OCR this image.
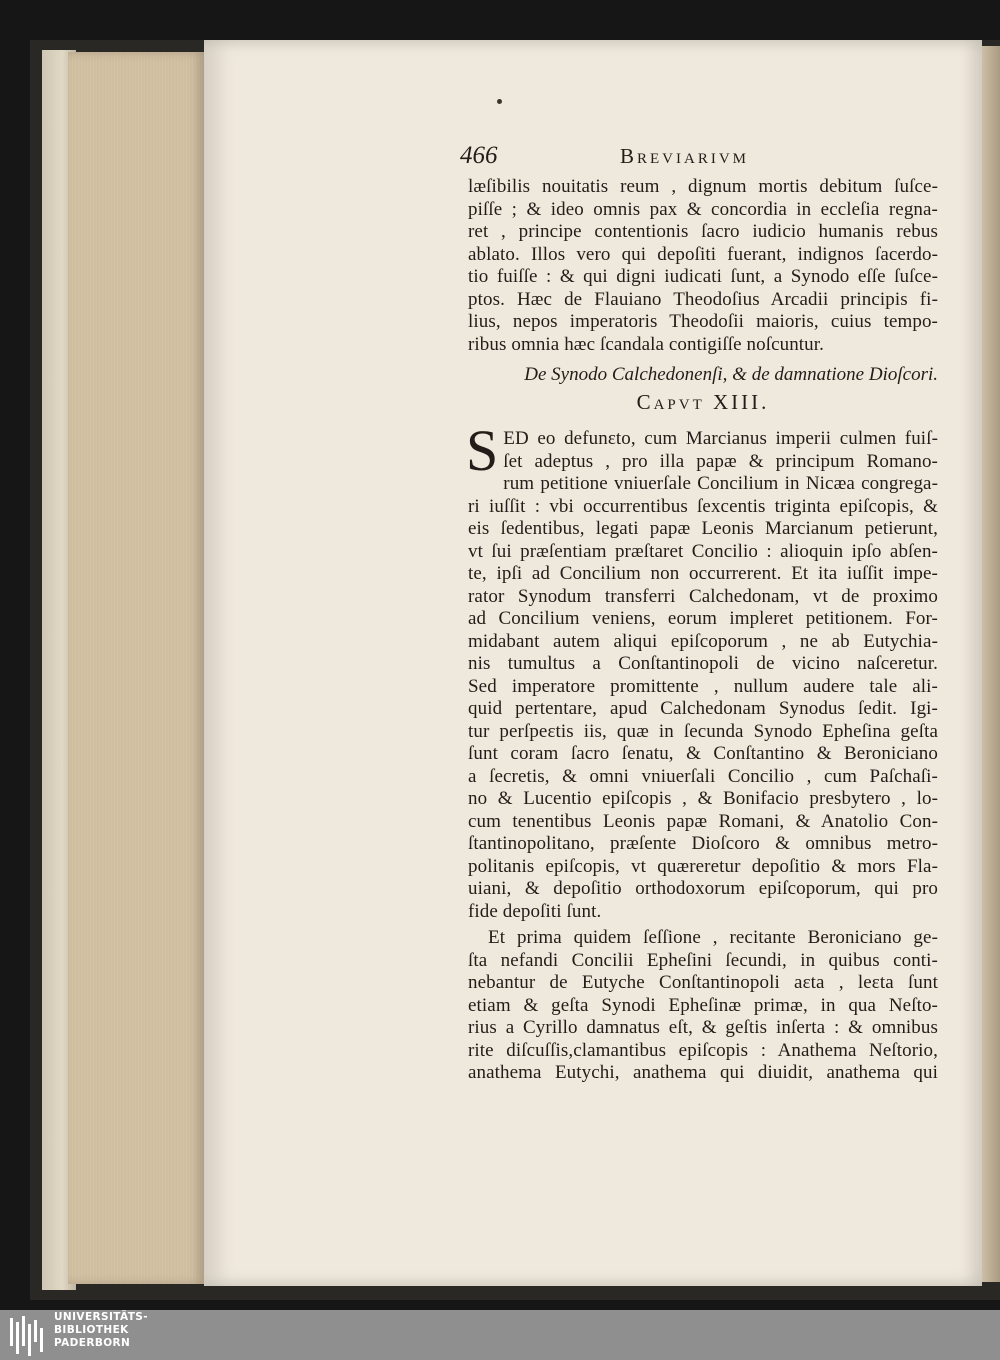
466	Breviarivm
læſibilis nouitatis reum , dignum mortis debitum ſuſce-
piſſe ; & ideo omnis pax & concordia in eccleſia regna-
ret , principe contentionis ſacro iudicio humanis rebus
ablato. Illos vero qui depoſiti fuerant, indignos ſacerdo-
tio fuiſſe : & qui digni iudicati ſunt, a Synodo eſſe ſuſce-
ptos. Hæc de Flauiano Theodoſius Arcadii principis fi-
lius, nepos imperatoris Theodoſii maioris, cuius tempo-
ribus omnia hæc ſcandala contigiſſe noſcuntur.
De Synodo Calchedonenſi, & de damnatione Dioſcori.
Capvt XIII.
S ED eo defunɛto, cum Marcianus imperii culmen fuiſ-
ſet adeptus , pro illa papæ & principum Romano-
rum petitione vniuerſale Concilium in Nicæa congrega-
ri iuſſit : vbi occurrentibus ſexcentis triginta epiſcopis, &
eis ſedentibus, legati papæ Leonis Marcianum petierunt,
vt ſui præſentiam præſtaret Concilio : alioquin ipſo abſen-
te, ipſi ad Concilium non occurrerent. Et ita iuſſit impe-
rator Synodum transferri Calchedonam, vt de proximo
ad Concilium veniens, eorum impleret petitionem. For-
midabant autem aliqui epiſcoporum , ne ab Eutychia-
nis tumultus a Conſtantinopoli de vicino naſceretur.
Sed imperatore promittente , nullum audere tale ali-
quid pertentare, apud Calchedonam Synodus ſedit. Igi-
tur perſpeɛtis iis, quæ in ſecunda Synodo Epheſina geſta
ſunt coram ſacro ſenatu, & Conſtantino & Beroniciano
a ſecretis, & omni vniuerſali Concilio , cum Paſchaſi-
no & Lucentio epiſcopis , & Bonifacio presbytero , lo-
cum tenentibus Leonis papæ Romani, & Anatolio Con-
ſtantinopolitano, præſente Dioſcoro & omnibus metro-
politanis epiſcopis, vt quæreretur depoſitio & mors Fla-
uiani, & depoſitio orthodoxorum epiſcoporum, qui pro
fide depoſiti ſunt.
Et prima quidem ſeſſione , recitante Beroniciano ge-
ſta nefandi Concilii Epheſini ſecundi, in quibus conti-
nebantur de Eutyche Conſtantinopoli aɛta , leɛta ſunt
etiam & geſta Synodi Epheſinæ primæ, in qua Neſto-
rius a Cyrillo damnatus eſt, & geſtis inſerta : & omnibus
rite diſcuſſis,clamantibus epiſcopis : Anathema Neſtorio,
anathema Eutychi, anathema qui diuidit, anathema qui
UNIVERSITÄTS-
BIBLIOTHEK
PADERBORN
